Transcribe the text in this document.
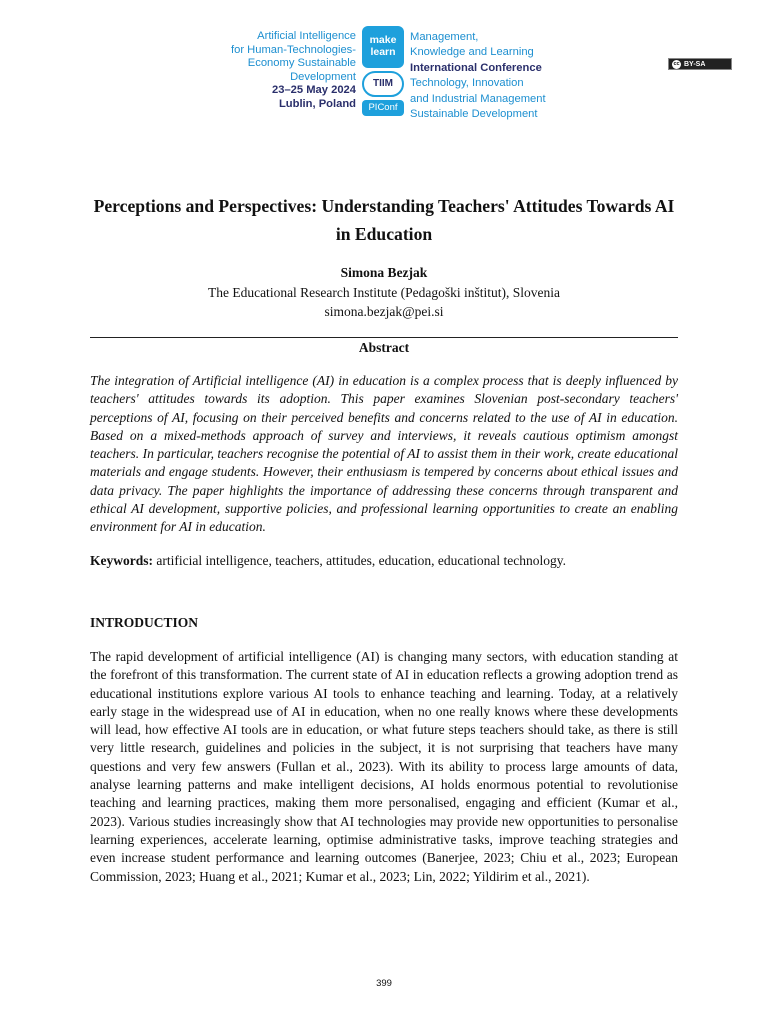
Artificial Intelligence
for Human-Technologies-
Economy Sustainable
Development
23–25 May 2024
Lublin, Poland
make
learn
TIIM
PIConf
Management,
Knowledge and Learning
International Conference
Technology, Innovation
and Industrial Management
Sustainable Development
cc BY-SA
Perceptions and Perspectives: Understanding Teachers' Attitudes Towards AI in Education
Simona Bezjak
The Educational Research Institute (Pedagoški inštitut), Slovenia
simona.bezjak@pei.si
Abstract

The integration of Artificial intelligence (AI) in education is a complex process that is deeply influenced by teachers' attitudes towards its adoption. This paper examines Slovenian post-secondary teachers' perceptions of AI, focusing on their perceived benefits and concerns related to the use of AI in education. Based on a mixed-methods approach of survey and interviews, it reveals cautious optimism amongst teachers. In particular, teachers recognise the potential of AI to assist them in their work, create educational materials and engage students. However, their enthusiasm is tempered by concerns about ethical issues and data privacy. The paper highlights the importance of addressing these concerns through transparent and ethical AI development, supportive policies, and professional learning opportunities to create an enabling environment for AI in education.

Keywords: artificial intelligence, teachers, attitudes, education, educational technology.

INTRODUCTION

The rapid development of artificial intelligence (AI) is changing many sectors, with education standing at the forefront of this transformation. The current state of AI in education reflects a growing adoption trend as educational institutions explore various AI tools to enhance teaching and learning. Today, at a relatively early stage in the widespread use of AI in education, when no one really knows where these developments will lead, how effective AI tools are in education, or what future steps teachers should take, as there is still very little research, guidelines and policies in the subject, it is not surprising that teachers have many questions and very few answers (Fullan et al., 2023). With its ability to process large amounts of data, analyse learning patterns and make intelligent decisions, AI holds enormous potential to revolutionise teaching and learning practices, making them more personalised, engaging and efficient (Kumar et al., 2023). Various studies increasingly show that AI technologies may provide new opportunities to personalise learning experiences, accelerate learning, optimise administrative tasks, improve teaching strategies and even increase student performance and learning outcomes (Banerjee, 2023; Chiu et al., 2023; European Commission, 2023; Huang et al., 2021; Kumar et al., 2023; Lin, 2022; Yildirim et al., 2021).

399
